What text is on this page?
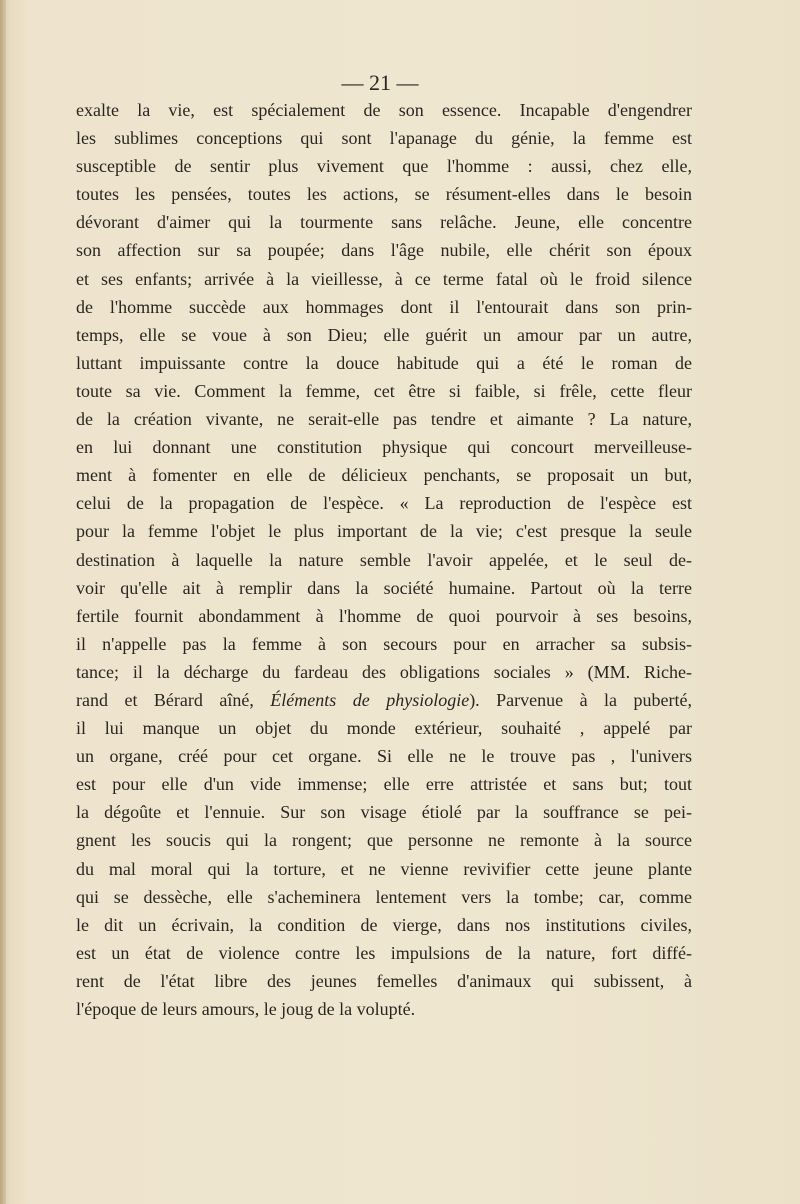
— 21 —

exalte la vie, est spécialement de son essence. Incapable d'engendrer
les sublimes conceptions qui sont l'apanage du génie, la femme est
susceptible de sentir plus vivement que l'homme : aussi, chez elle,
toutes les pensées, toutes les actions, se résument-elles dans le besoin
dévorant d'aimer qui la tourmente sans relâche. Jeune, elle concentre
son affection sur sa poupée; dans l'âge nubile, elle chérit son époux
et ses enfants; arrivée à la vieillesse, à ce terme fatal où le froid silence
de l'homme succède aux hommages dont il l'entourait dans son prin-
temps, elle se voue à son Dieu; elle guérit un amour par un autre,
luttant impuissante contre la douce habitude qui a été le roman de
toute sa vie. Comment la femme, cet être si faible, si frêle, cette fleur
de la création vivante, ne serait-elle pas tendre et aimante ? La nature,
en lui donnant une constitution physique qui concourt merveilleuse-
ment à fomenter en elle de délicieux penchants, se proposait un but,
celui de la propagation de l'espèce. « La reproduction de l'espèce est
pour la femme l'objet le plus important de la vie; c'est presque la seule
destination à laquelle la nature semble l'avoir appelée, et le seul de-
voir qu'elle ait à remplir dans la société humaine. Partout où la terre
fertile fournit abondamment à l'homme de quoi pourvoir à ses besoins,
il n'appelle pas la femme à son secours pour en arracher sa subsis-
tance; il la décharge du fardeau des obligations sociales » (MM. Riche-
rand et Bérard aîné, Éléments de physiologie). Parvenue à la puberté,
il lui manque un objet du monde extérieur, souhaité , appelé par
un organe, créé pour cet organe. Si elle ne le trouve pas , l'univers
est pour elle d'un vide immense; elle erre attristée et sans but; tout
la dégoûte et l'ennuie. Sur son visage étiolé par la souffrance se pei-
gnent les soucis qui la rongent; que personne ne remonte à la source
du mal moral qui la torture, et ne vienne revivifier cette jeune plante
qui se dessèche, elle s'acheminera lentement vers la tombe; car, comme
le dit un écrivain, la condition de vierge, dans nos institutions civiles,
est un état de violence contre les impulsions de la nature, fort diffé-
rent de l'état libre des jeunes femelles d'animaux qui subissent, à
l'époque de leurs amours, le joug de la volupté.
